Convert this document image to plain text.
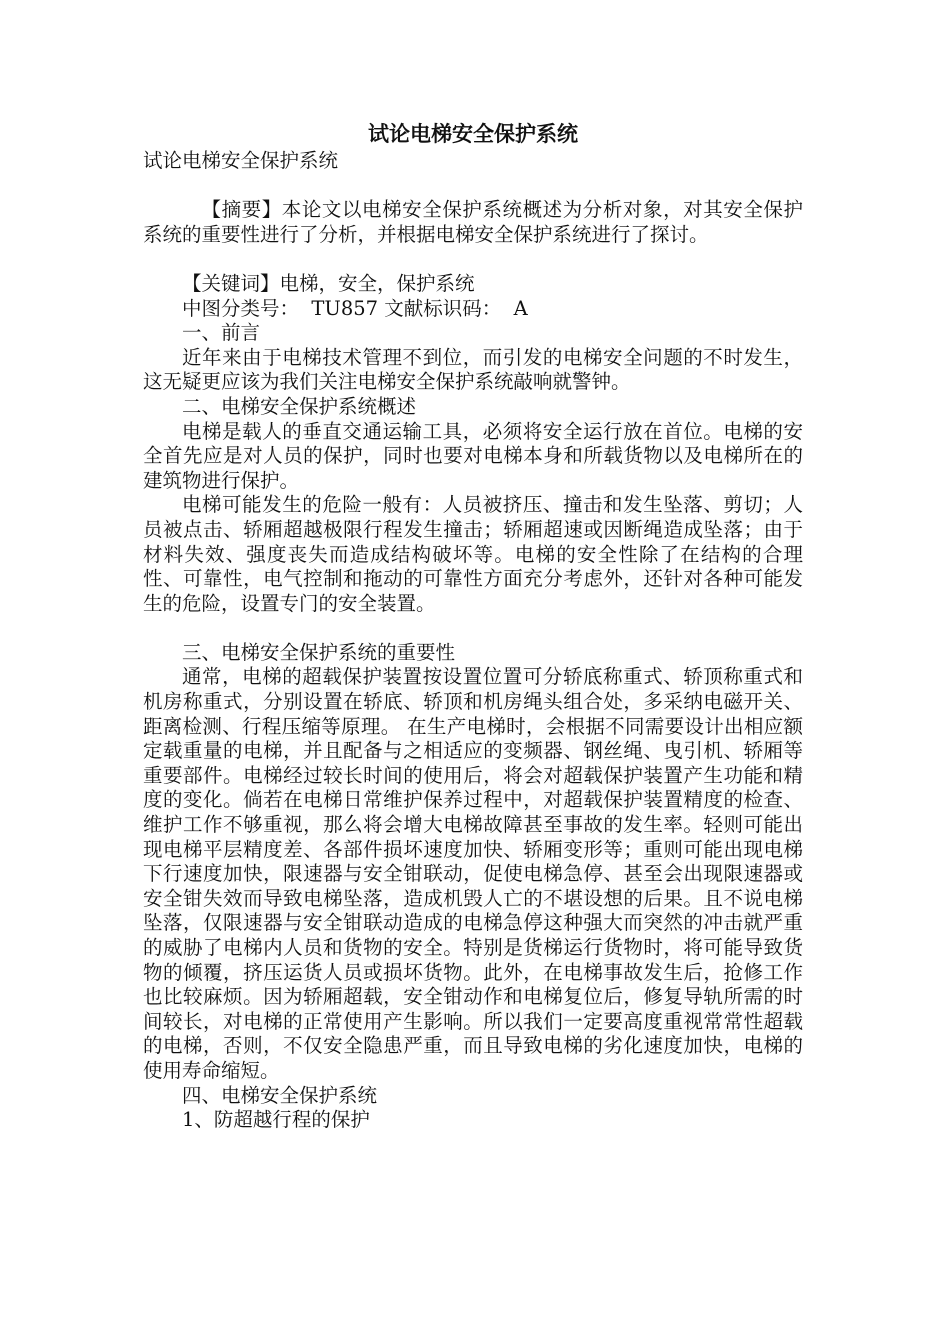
试论电梯安全保护系统

试论电梯安全保护系统

【摘要】本论文以电梯安全保护系统概述为分析对象，对其安全保护系统的重要性进行了分析，并根据电梯安全保护系统进行了探讨。

【关键词】电梯，安全，保护系统

中图分类号：  TU857 文献标识码：  A

一、前言

近年来由于电梯技术管理不到位，而引发的电梯安全问题的不时发生，这无疑更应该为我们关注电梯安全保护系统敲响就警钟。

二、电梯安全保护系统概述

电梯是载人的垂直交通运输工具，必须将安全运行放在首位。电梯的安全首先应是对人员的保护，同时也要对电梯本身和所载货物以及电梯所在的建筑物进行保护。

电梯可能发生的危险一般有：人员被挤压、撞击和发生坠落、剪切；人员被点击、轿厢超越极限行程发生撞击；轿厢超速或因断绳造成坠落；由于材料失效、强度丧失而造成结构破坏等。电梯的安全性除了在结构的合理性、可靠性，电气控制和拖动的可靠性方面充分考虑外，还针对各种可能发生的危险，设置专门的安全装置。

三、电梯安全保护系统的重要性

通常，电梯的超载保护装置按设置位置可分轿底称重式、轿顶称重式和机房称重式，分别设置在轿底、轿顶和机房绳头组合处，多采纳电磁开关、距离检测、行程压缩等原理。 在生产电梯时，会根据不同需要设计出相应额定载重量的电梯，并且配备与之相适应的变频器、钢丝绳、曳引机、轿厢等重要部件。电梯经过较长时间的使用后，将会对超载保护装置产生功能和精度的变化。倘若在电梯日常维护保养过程中，对超载保护装置精度的检查、维护工作不够重视，那么将会增大电梯故障甚至事故的发生率。轻则可能出现电梯平层精度差、各部件损坏速度加快、轿厢变形等；重则可能出现电梯下行速度加快，限速器与安全钳联动，促使电梯急停、甚至会出现限速器或安全钳失效而导致电梯坠落，造成机毁人亡的不堪设想的后果。且不说电梯坠落，仅限速器与安全钳联动造成的电梯急停这种强大而突然的冲击就严重的威胁了电梯内人员和货物的安全。特别是货梯运行货物时，将可能导致货物的倾覆，挤压运货人员或损坏货物。此外，在电梯事故发生后，抢修工作也比较麻烦。因为轿厢超载，安全钳动作和电梯复位后，修复导轨所需的时间较长，对电梯的正常使用产生影响。所以我们一定要高度重视常常性超载的电梯，否则，不仅安全隐患严重，而且导致电梯的劣化速度加快，电梯的使用寿命缩短。

四、电梯安全保护系统

1、防超越行程的保护
